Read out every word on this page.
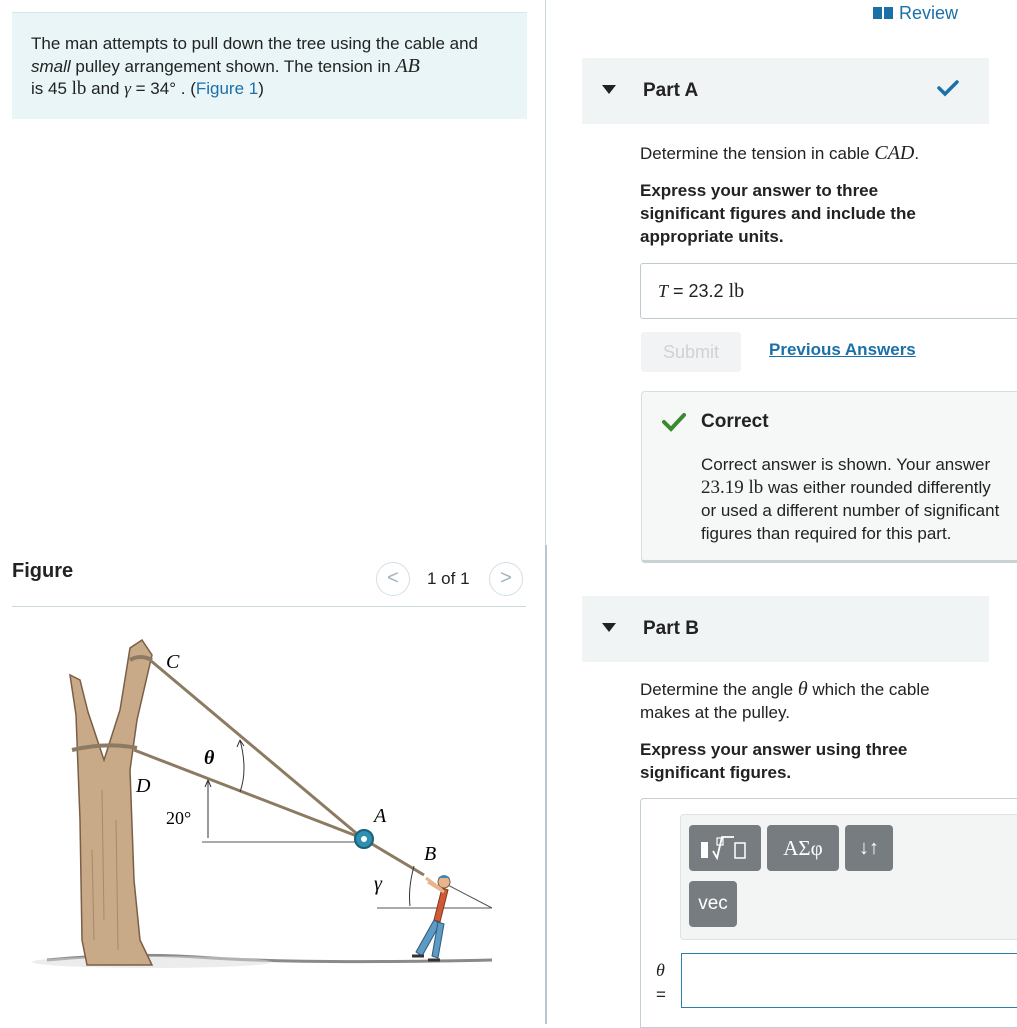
The man attempts to pull down the tree using the cable and small pulley arrangement shown. The tension in AB
is 45 lb and γ = 34° . (Figure 1)
Figure	<	1 of 1	>
C
D
A
B
θ
γ
20°
Review
Part A
Determine the tension in cable CAD.
Express your answer to three significant figures and include the appropriate units.
T = 23.2 lb
Submit	Previous Answers
Correct
Correct answer is shown. Your answer
23.19 lb was either rounded differently
or used a different number of significant
figures than required for this part.
Part B
Determine the angle θ which the cable
makes at the pulley.
Express your answer using three significant figures.
ΑΣφ	↓↑
vec
θ
=
